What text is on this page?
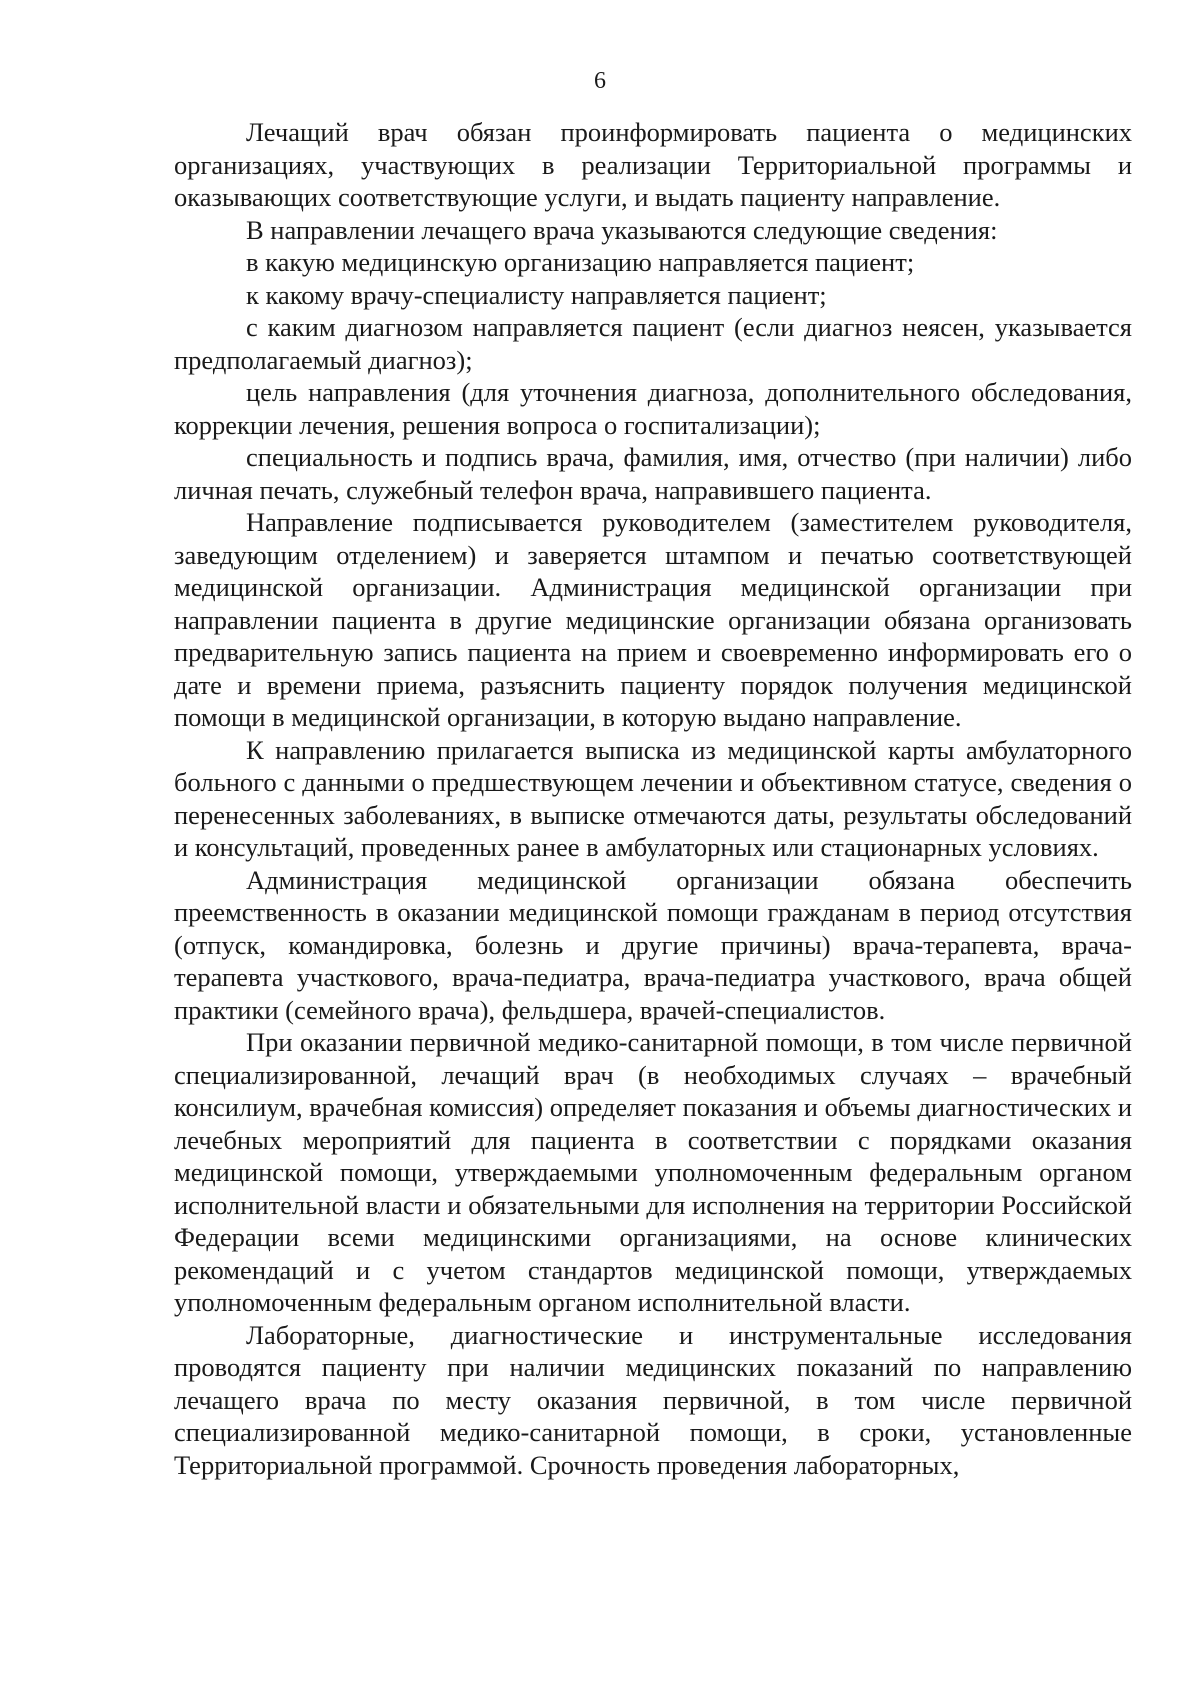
6

Лечащий врач обязан проинформировать пациента о медицинских организациях, участвующих в реализации Территориальной программы и оказывающих соответствующие услуги, и выдать пациенту направление.

В направлении лечащего врача указываются следующие сведения:

в какую медицинскую организацию направляется пациент;

к какому врачу-специалисту направляется пациент;

с каким диагнозом направляется пациент (если диагноз неясен, указывается предполагаемый диагноз);

цель направления (для уточнения диагноза, дополнительного обследования, коррекции лечения, решения вопроса о госпитализации);

специальность и подпись врача, фамилия, имя, отчество (при наличии) либо личная печать, служебный телефон врача, направившего пациента.

Направление подписывается руководителем (заместителем руководителя, заведующим отделением) и заверяется штампом и печатью соответствующей медицинской организации. Администрация медицинской организации при направлении пациента в другие медицинские организации обязана организовать предварительную запись пациента на прием и своевременно информировать его о дате и времени приема, разъяснить пациенту порядок получения медицинской помощи в медицинской организации, в которую выдано направление.

К направлению прилагается выписка из медицинской карты амбулаторного больного с данными о предшествующем лечении и объективном статусе, сведения о перенесенных заболеваниях, в выписке отмечаются даты, результаты обследований и консультаций, проведенных ранее в амбулаторных или стационарных условиях.

Администрация медицинской организации обязана обеспечить преемственность в оказании медицинской помощи гражданам в период отсутствия (отпуск, командировка, болезнь и другие причины) врача-терапевта, врача-терапевта участкового, врача-педиатра, врача-педиатра участкового, врача общей практики (семейного врача), фельдшера, врачей-специалистов.

При оказании первичной медико-санитарной помощи, в том числе первичной специализированной, лечащий врач (в необходимых случаях – врачебный консилиум, врачебная комиссия) определяет показания и объемы диагностических и лечебных мероприятий для пациента в соответствии с порядками оказания медицинской помощи, утверждаемыми уполномоченным федеральным органом исполнительной власти и обязательными для исполнения на территории Российской Федерации всеми медицинскими организациями, на основе клинических рекомендаций и с учетом стандартов медицинской помощи, утверждаемых уполномоченным федеральным органом исполнительной власти.

Лабораторные, диагностические и инструментальные исследования проводятся пациенту при наличии медицинских показаний по направлению лечащего врача по месту оказания первичной, в том числе первичной специализированной медико-санитарной помощи, в сроки, установленные Территориальной программой. Срочность проведения лабораторных,
